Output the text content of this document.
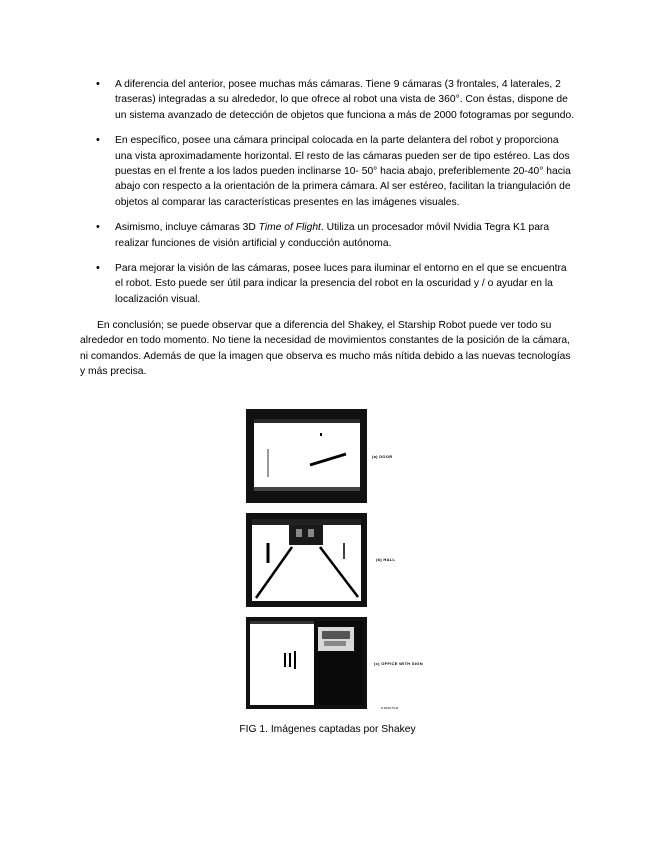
• A diferencia del anterior, posee muchas más cámaras. Tiene 9 cámaras (3 frontales, 4 laterales, 2 traseras) integradas a su alrededor, lo que ofrece al robot una vista de 360°. Con éstas, dispone de un sistema avanzado de detección de objetos que funciona a más de 2000 fotogramas por segundo.
• En específico, posee una cámara principal colocada en la parte delantera del robot y proporciona una vista aproximadamente horizontal. El resto de las cámaras pueden ser de tipo estéreo. Las dos puestas en el frente a los lados pueden inclinarse 10- 50° hacia abajo, preferiblemente 20-40° hacia abajo con respecto a la orientación de la primera cámara. Al ser estéreo, facilitan la triangulación de objetos al comparar las características presentes en las imágenes visuales.
• Asimismo, incluye cámaras 3D Time of Flight. Utiliza un procesador móvil Nvidia Tegra K1 para realizar funciones de visión artificial y conducción autónoma.
• Para mejorar la visión de las cámaras, posee luces para iluminar el entorno en el que se encuentra el robot. Esto puede ser útil para indicar la presencia del robot en la oscuridad y / o ayudar en la localización visual.

En conclusión; se puede observar que a diferencia del Shakey, el Starship Robot puede ver todo su alrededor en todo momento. No tiene la necesidad de movimientos constantes de la posición de la cámara, ni comandos. Además de que la imagen que observa es mucho más nítida debido a las nuevas tecnologías y más precisa.

(a) DOOR
(b) HALL
(c) OFFICE WITH SIGN
P-8430-79-R

FIG 1. Imágenes captadas por Shakey
